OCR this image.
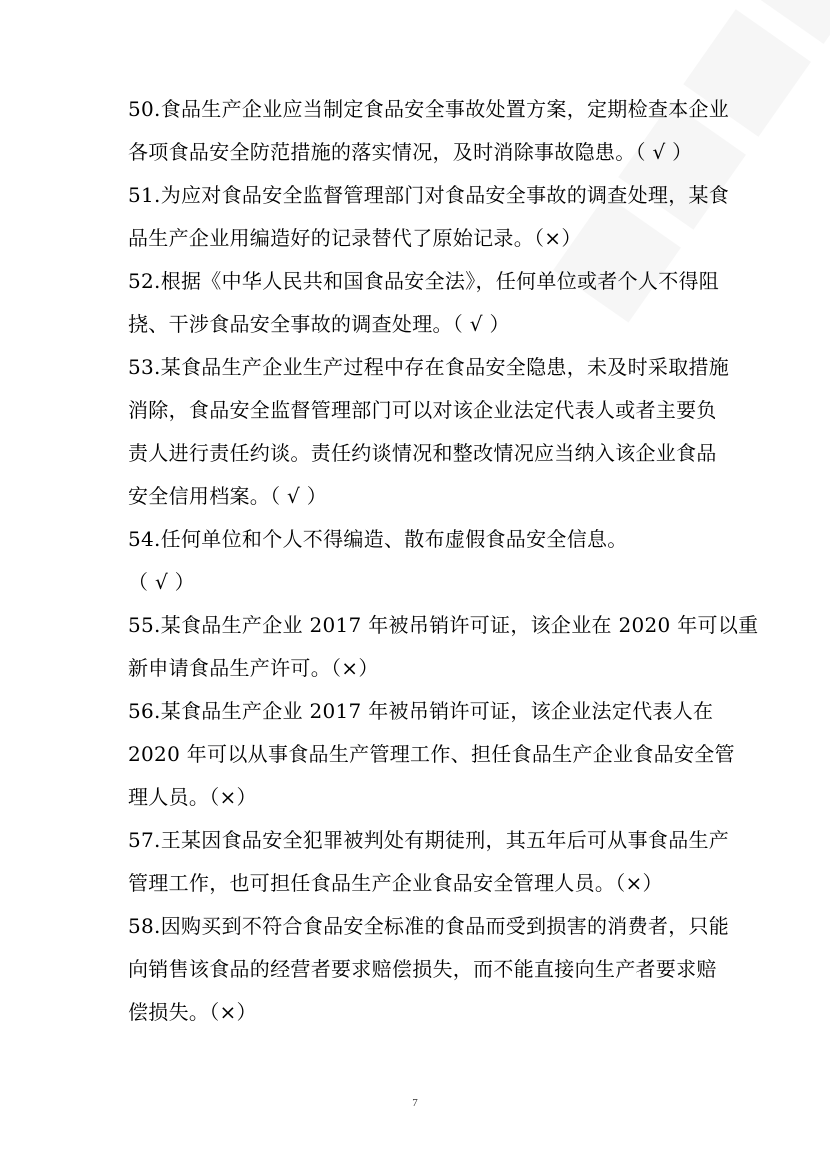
50.食品生产企业应当制定食品安全事故处置方案，定期检查本企业
各项食品安全防范措施的落实情况，及时消除事故隐患。（ √ ）
51.为应对食品安全监督管理部门对食品安全事故的调查处理，某食
品生产企业用编造好的记录替代了原始记录。（×）
52.根据《中华人民共和国食品安全法》，任何单位或者个人不得阻
挠、干涉食品安全事故的调查处理。（ √ ）
53.某食品生产企业生产过程中存在食品安全隐患，未及时采取措施
消除，食品安全监督管理部门可以对该企业法定代表人或者主要负
责人进行责任约谈。责任约谈情况和整改情况应当纳入该企业食品
安全信用档案。（ √ ）
54.任何单位和个人不得编造、散布虚假食品安全信息。
（ √ ）
55.某食品生产企业 2017 年被吊销许可证，该企业在 2020 年可以重
新申请食品生产许可。（×）
56.某食品生产企业 2017 年被吊销许可证，该企业法定代表人在
2020 年可以从事食品生产管理工作、担任食品生产企业食品安全管
理人员。（×）
57.王某因食品安全犯罪被判处有期徒刑，其五年后可从事食品生产
管理工作，也可担任食品生产企业食品安全管理人员。（×）
58.因购买到不符合食品安全标准的食品而受到损害的消费者，只能
向销售该食品的经营者要求赔偿损失，而不能直接向生产者要求赔
偿损失。（×）
7
